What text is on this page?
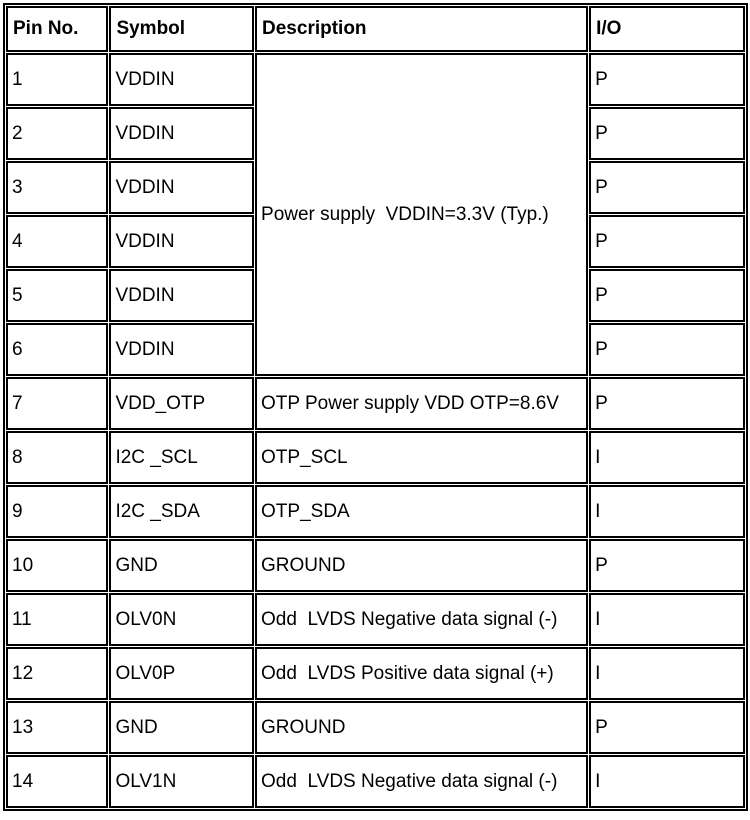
Pin No.	Symbol	Description	I/O
1	VDDIN	Power supply  VDDIN=3.3V (Typ.)	P
2	VDDIN		P
3	VDDIN		P
4	VDDIN		P
5	VDDIN		P
6	VDDIN		P
7	VDD_OTP	OTP Power supply VDD OTP=8.6V	P
8	I2C _SCL	OTP_SCL	I
9	I2C _SDA	OTP_SDA	I
10	GND	GROUND	P
11	OLV0N	Odd  LVDS Negative data signal (-)	I
12	OLV0P	Odd  LVDS Positive data signal (+)	I
13	GND	GROUND	P
14	OLV1N	Odd  LVDS Negative data signal (-)	I
